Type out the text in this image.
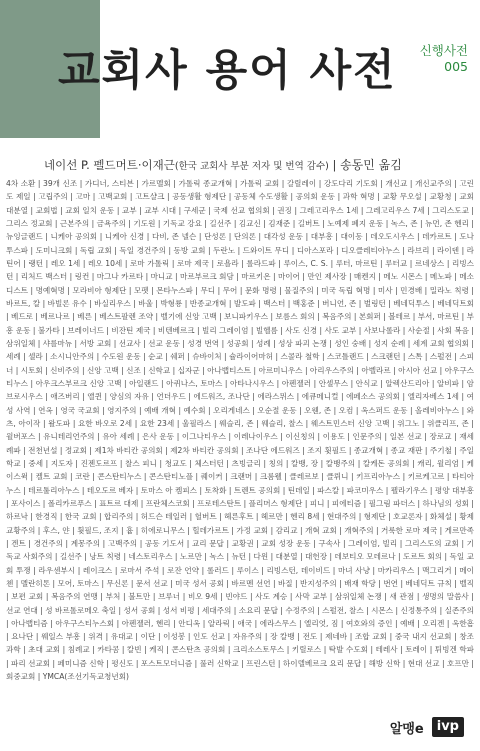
신행사전
005
교회사 용어 사전
네이선 P. 펠드머트·이재근(한국 교회사 부분 저자 및 번역 감수) | 송동민 옮김

4차 소환 | 39개 신조 | 가디너, 스티븐 | 가르멜회 | 가톨릭 종교개혁 | 가톨릭 교회 | 갈릴레이 | 강도다리 기도회 | 개신교 | 개신교주의 | 고린도 제일 | 고립주의 | 고마 | 고백교회 | 고트샬크 | 공동생활 형제단 | 공동체 수도생활 | 공의회 운동 | 과학 혁명 | 교황 무오설 | 교황청 | 교회 대분열 | 교회법 | 교회 일치 운동 | 교부 | 교부 시대 | 구세군 | 국제 선교 협의회 | 권징 | 그레고리우스 1세 | 그레고리우스 7세 | 그리스도교 | 그리스 정교회 | 근본주의 | 금욕주의 | 기도원 | 기독교 강요 | 길선주 | 김교신 | 김재준 | 길버트 | 노예제 폐지 운동 | 녹스, 존 | 뉴먼, 존 헨리 | 뉴잉글랜드 | 니케아 공의회 | 니케아 신경 | 다비, 존 넬슨 | 단성론 | 단의론 | 대각성 운동 | 대부흥 | 대이동 | 데오도시우스 | 데카르트 | 도나투스파 | 도미니크회 | 독립 교회 | 독일 경건주의 | 동방 교회 | 두란노 | 드와이트 무디 | 디아스포라 | 디오클레티아누스 | 라브리 | 라이덴 | 라틴어 | 랭턴 | 레오 1세 | 레오 10세 | 로마 가톨릭 | 로마 제국 | 로욜라 | 롤라드파 | 루이스, C. S. | 루터, 마르틴 | 루터교 | 르네상스 | 리빙스턴 | 리처드 백스터 | 링컨 | 마그나 카르타 | 마니교 | 마르부르크 회담 | 마르키온 | 마이어 | 만인 제사장 | 매켄지 | 메노 시몬스 | 메노파 | 메소디스트 | 명예혁명 | 모라비아 형제단 | 모펫 | 몬타누스파 | 무디 | 무어 | 문화 명령 | 물질주의 | 미국 독립 혁명 | 미사 | 민경배 | 밀라노 칙령 | 바르트, 칼 | 바빌론 유수 | 바실리우스 | 바울 | 박형룡 | 반종교개혁 | 발도파 | 백스터 | 백홍준 | 버니언, 존 | 벌링턴 | 베네딕투스 | 베네딕트회 | 베드로 | 베르나르 | 베른 | 베스트팔렌 조약 | 벨기에 신앙 고백 | 보니파키우스 | 보름스 회의 | 복음주의 | 본회퍼 | 볼테르 | 부서, 마르틴 | 부흥 운동 | 불가타 | 브레이너드 | 비잔틴 제국 | 비텐베르크 | 빌리 그레이엄 | 빌헬름 | 사도 신경 | 사도 교부 | 사보나롤라 | 사순절 | 사회 복음 | 삼위일체 | 샤를마뉴 | 서방 교회 | 선교사 | 선교 운동 | 성경 번역 | 성공회 | 성례 | 성상 파괴 논쟁 | 성인 숭배 | 성지 순례 | 세계 교회 협의회 | 세례 | 셀라 | 소시니안주의 | 수도원 운동 | 순교 | 쉐퍼 | 슈바이처 | 슐라이어마허 | 스콜라 철학 | 스코틀랜드 | 스크랜턴 | 스톡 | 스펄전 | 스피너 | 시토회 | 신비주의 | 신앙 고백 | 신조 | 신학교 | 십자군 | 아나뱁티스트 | 아르미니우스 | 아리우스주의 | 아벨라르 | 아시아 선교 | 아우구스티누스 | 아우크스부르크 신앙 고백 | 아일랜드 | 아퀴나스, 토마스 | 아타나시우스 | 아펜젤러 | 안셀무스 | 안식교 | 알렉산드리아 | 알비파 | 암브로시우스 | 애즈버리 | 앨퀸 | 양심의 자유 | 언더우드 | 에드워즈, 조나단 | 에라스뮈스 | 에큐메니컬 | 에페소스 공의회 | 엘리자베스 1세 | 여성 사역 | 연옥 | 영국 국교회 | 영지주의 | 예배 개혁 | 예수회 | 오리게네스 | 오순절 운동 | 오웬, 존 | 오컴 | 옥스퍼드 운동 | 올레비아누스 | 와츠, 아이작 | 왈도파 | 요한 바오로 2세 | 요한 23세 | 울필라스 | 웨슬리, 존 | 웨슬리, 찰스 | 웨스트민스터 신앙 고백 | 위그노 | 위클리프, 존 | 윌버포스 | 유니테리언주의 | 유아 세례 | 은사 운동 | 이그나티우스 | 이레나이우스 | 이신칭의 | 이용도 | 인문주의 | 일본 선교 | 장로교 | 재세례파 | 전천년설 | 정교회 | 제1차 바티칸 공의회 | 제2차 바티칸 공의회 | 조나단 에드워즈 | 조지 휫필드 | 종교개혁 | 종교 재판 | 주기철 | 주일학교 | 중세 | 지도자 | 진젠도르프 | 찰스 피니 | 청교도 | 체스터턴 | 츠빙글리 | 칭의 | 칼뱅, 장 | 칼뱅주의 | 칼케돈 공의회 | 캐리, 윌리엄 | 케이스윅 | 켈트 교회 | 코란 | 콘스탄티누스 | 콘스탄티노플 | 퀘이커 | 크랜머 | 크롬웰 | 클레르보 | 클뤼니 | 키프리아누스 | 키르케고르 | 타티아누스 | 테르툴리아누스 | 테오도르 베자 | 토마스 아 켐피스 | 토착화 | 트렌트 공의회 | 틴데일 | 파스칼 | 파코미우스 | 펠라기우스 | 평양 대부흥 | 포사이스 | 폴리카르푸스 | 표트르 대제 | 프란체스코회 | 프로테스탄트 | 플리머스 형제단 | 피니 | 피에티즘 | 필그림 파더스 | 하나님의 성회 | 하르낙 | 한경직 | 한국 교회 | 합리주의 | 허드슨 테일러 | 헐버트 | 헤른후트 | 헤르만 | 헨리 8세 | 현대주의 | 형제단 | 호교론자 | 화체설 | 황제 교황주의 | 후스, 얀 | 휫필드, 조지 | 흄 | 히에로니무스 | 힐데가르트 | 가정 교회 | 감리교 | 개혁 교회 | 개혁주의 | 거룩한 로마 제국 | 게르만족 | 겐트 | 경건주의 | 계몽주의 | 고백주의 | 공동 기도서 | 교리 문답 | 교황권 | 교회 성장 운동 | 구속사 | 그레이엄, 빌리 | 그리스도의 교회 | 기독교 사회주의 | 길선주 | 낭트 칙령 | 네스토리우스 | 노르만 | 녹스 | 뉴턴 | 다윈 | 대분열 | 대헌장 | 데보티오 모데르나 | 도르트 회의 | 독일 교회 투쟁 | 라우센부시 | 레이크스 | 로마서 주석 | 로잔 언약 | 롤러드 | 루이스 | 리빙스턴, 데이비드 | 마녀 사냥 | 마카리우스 | 맥그리거 | 메이첸 | 멜란히톤 | 모어, 토마스 | 무신론 | 문서 선교 | 미국 성서 공회 | 바르멘 선언 | 바질 | 반지성주의 | 배재 학당 | 번연 | 베네딕트 규칙 | 벨직 | 보편 교회 | 복음주의 연맹 | 부처 | 불트만 | 브루너 | 비오 9세 | 빈야드 | 사도 계승 | 사막 교부 | 삼위일체 논쟁 | 새 관점 | 생명의 말씀사 | 선교 연대 | 성 바르톨로메오 축일 | 성서 공회 | 성서 비평 | 세대주의 | 소요리 문답 | 수정주의 | 스펄전, 찰스 | 시몬스 | 신정통주의 | 실존주의 | 아나뱁티즘 | 아우구스티누스회 | 아펜젤러, 헨리 | 안디옥 | 알라릭 | 애국 | 에라스무스 | 엘리엇, 짐 | 여호와의 증인 | 예배 | 오리겐 | 옥한흠 | 요나단 | 웨일스 부흥 | 위격 | 유대교 | 이단 | 이성봉 | 인도 선교 | 자유주의 | 장 칼뱅 | 전도 | 제네바 | 조합 교회 | 중국 내지 선교회 | 창조 과학 | 초대 교회 | 침례교 | 카타콤 | 칼빈 | 케직 | 콘스탄츠 공의회 | 크리소스토무스 | 키릴로스 | 탁발 수도회 | 테레사 | 토레이 | 튀빙겐 학파 | 파리 선교회 | 페미니즘 신학 | 평신도 | 포스트모더니즘 | 풀러 신학교 | 프린스턴 | 하이델베르크 요리 문답 | 해방 신학 | 현대 선교 | 호프만 | 회중교회 | YMCA(조선기독교청년회)

알맹e	ivp
